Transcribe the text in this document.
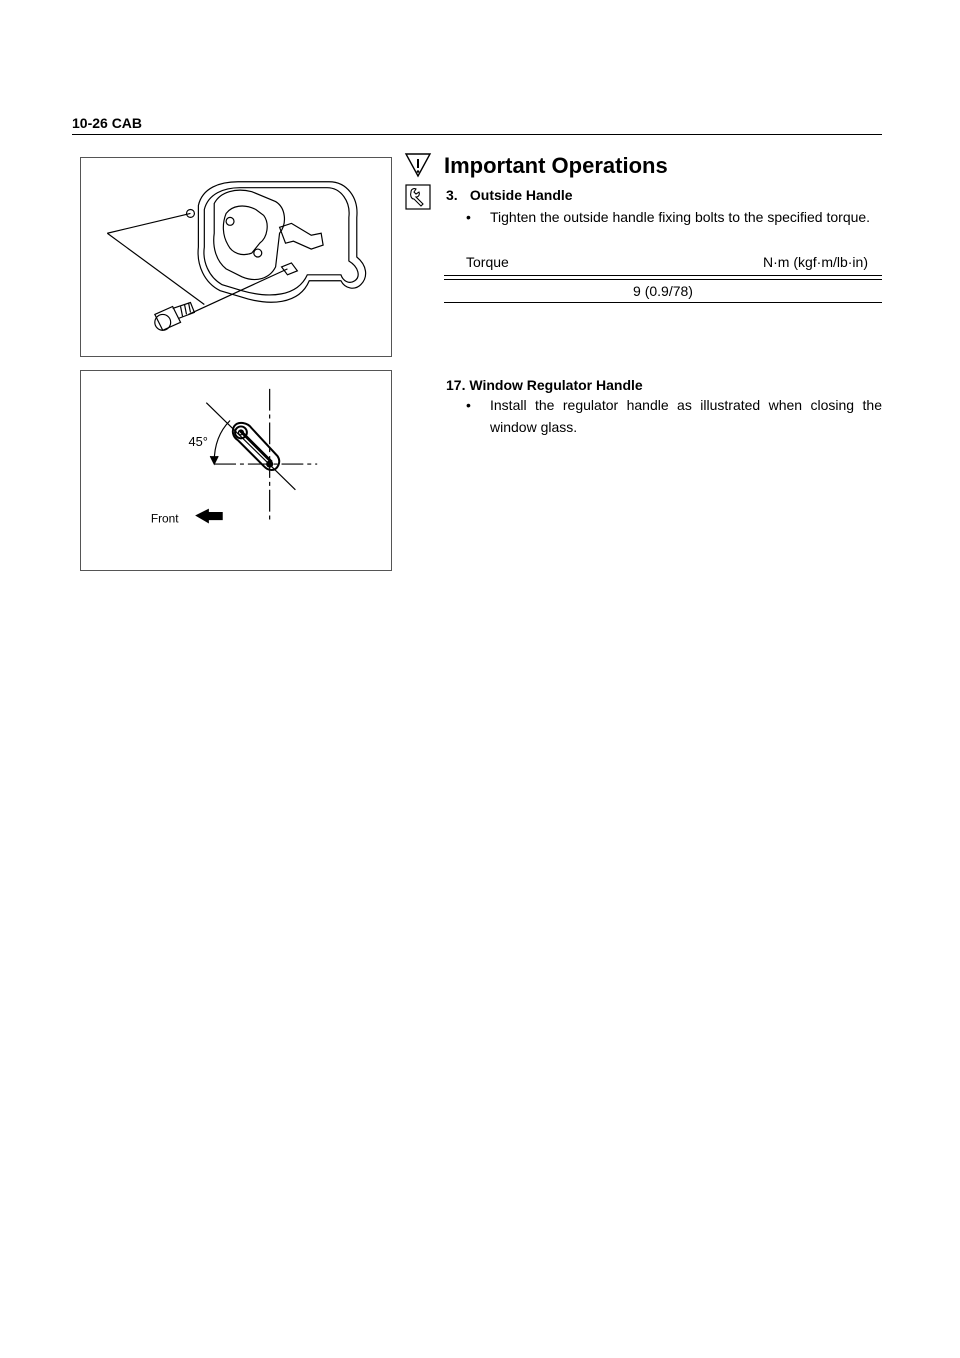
10-26 CAB
45°
Front
Important Operations
3. Outside Handle
• Tighten the outside handle fixing bolts to the specified torque.
Torque	N·m (kgf·m/lb·in)
9 (0.9/78)
17. Window Regulator Handle
• Install the regulator handle as illustrated when closing the window glass.
